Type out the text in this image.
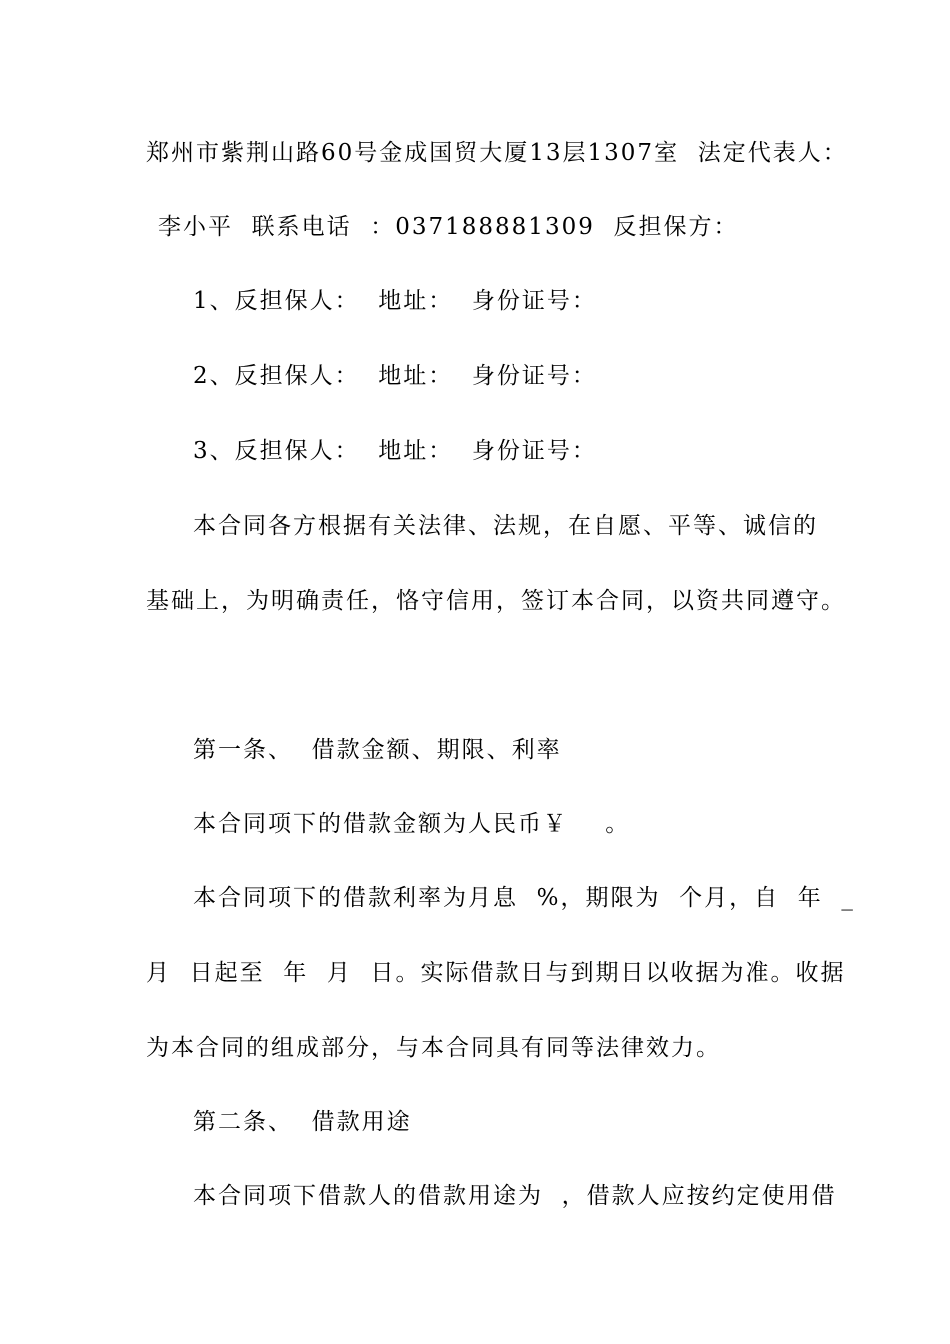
郑州市紫荆山路60号金成国贸大厦13层1307室  法定代表人：
李小平  联系电话  ：037188881309  反担保方：
1、反担保人：  地址：  身份证号：
2、反担保人：  地址：  身份证号：
3、反担保人：  地址：  身份证号：
本合同各方根据有关法律、法规，在自愿、平等、诚信的
基础上，为明确责任，恪守信用，签订本合同，以资共同遵守。
第一条、  借款金额、期限、利率
本合同项下的借款金额为人民币￥    。
本合同项下的借款利率为月息  %，期限为  个月，自  年  _
月  日起至  年  月  日。实际借款日与到期日以收据为准。收据
为本合同的组成部分，与本合同具有同等法律效力。
第二条、  借款用途
本合同项下借款人的借款用途为  ，借款人应按约定使用借
